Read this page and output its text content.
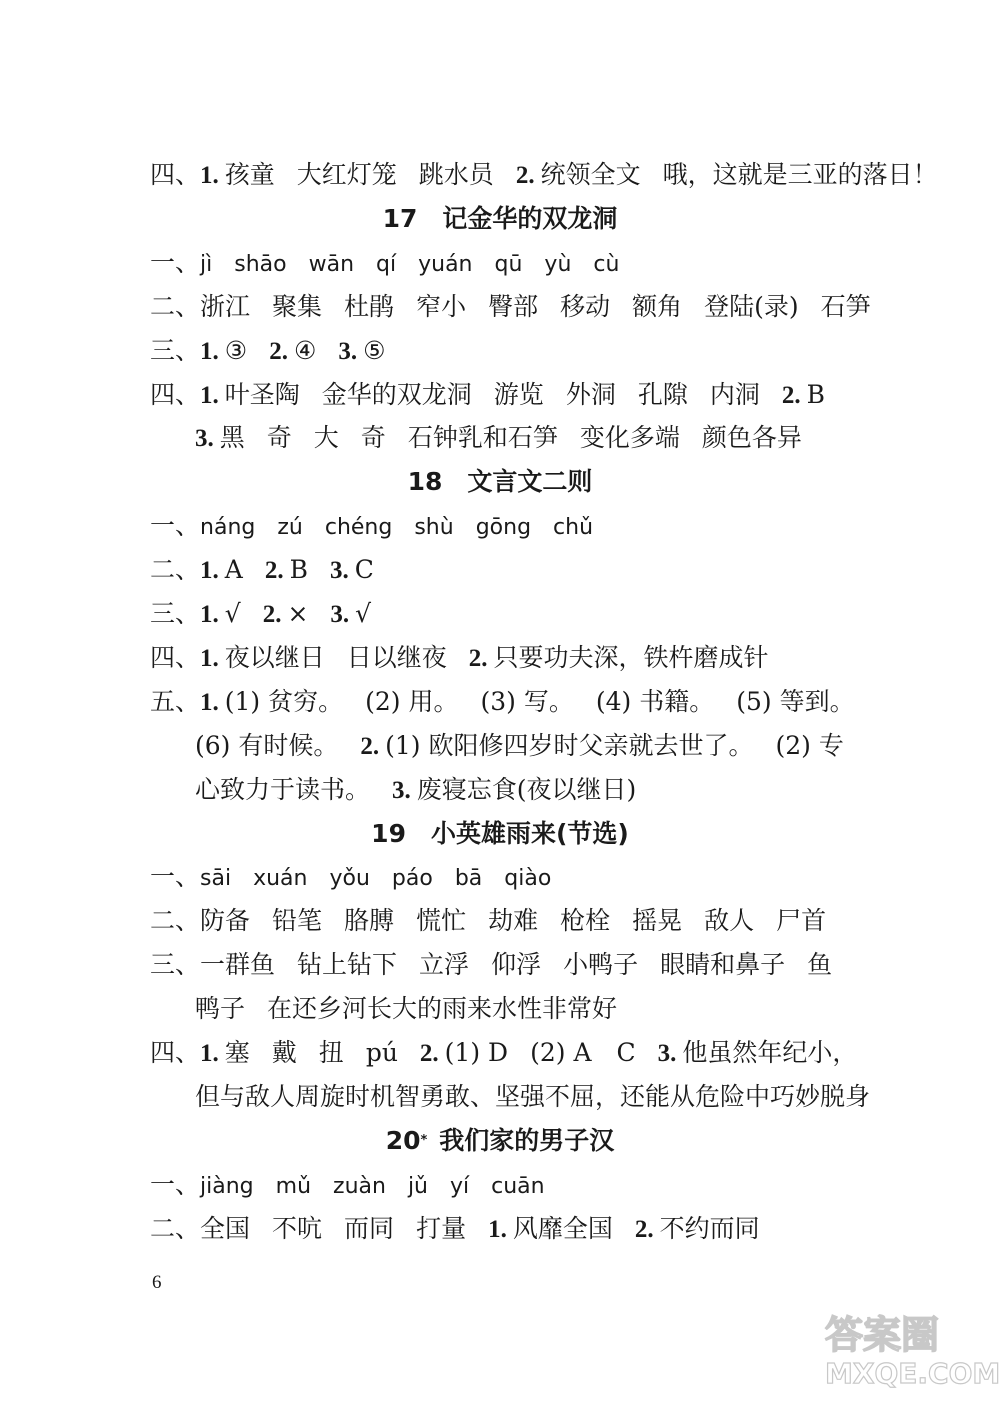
四、1. 孩童 大红灯笼 跳水员 2. 统领全文 哦，这就是三亚的落日！
17　记金华的双龙洞
一、jì shāo wān qí yuán qū yù cù
二、浙江 聚集 杜鹃 窄小 臀部 移动 额角 登陆(录) 石笋
三、1. ③ 2. ④ 3. ⑤
四、1. 叶圣陶 金华的双龙洞 游览 外洞 孔隙 内洞 2. B
3. 黑 奇 大 奇 石钟乳和石笋 变化多端 颜色各异
18　文言文二则
一、náng zú chéng shù gōng chǔ
二、1. A 2. B 3. C
三、1. √ 2. × 3. √
四、1. 夜以继日 日以继夜 2. 只要功夫深，铁杵磨成针
五、1. (1) 贫穷。 (2) 用。 (3) 写。 (4) 书籍。 (5) 等到。
(6) 有时候。 2. (1) 欧阳修四岁时父亲就去世了。 (2) 专
心致力于读书。 3. 废寝忘食(夜以继日)
19　小英雄雨来(节选)
一、sāi xuán yǒu páo bā qiào
二、防备 铅笔 胳膊 慌忙 劫难 枪栓 摇晃 敌人 尸首
三、一群鱼 钻上钻下 立浮 仰浮 小鸭子 眼睛和鼻子 鱼
鸭子 在还乡河长大的雨来水性非常好
四、1. 塞 戴 扭 pú 2. (1) D (2) A　C 3. 他虽然年纪小，
但与敌人周旋时机智勇敢、坚强不屈，还能从危险中巧妙脱身
20* 我们家的男子汉
一、jiàng mǔ zuàn jǔ yí cuān
二、全国 不吭 而同 打量 1. 风靡全国 2. 不约而同
6
答案圈
MXQE.COM
